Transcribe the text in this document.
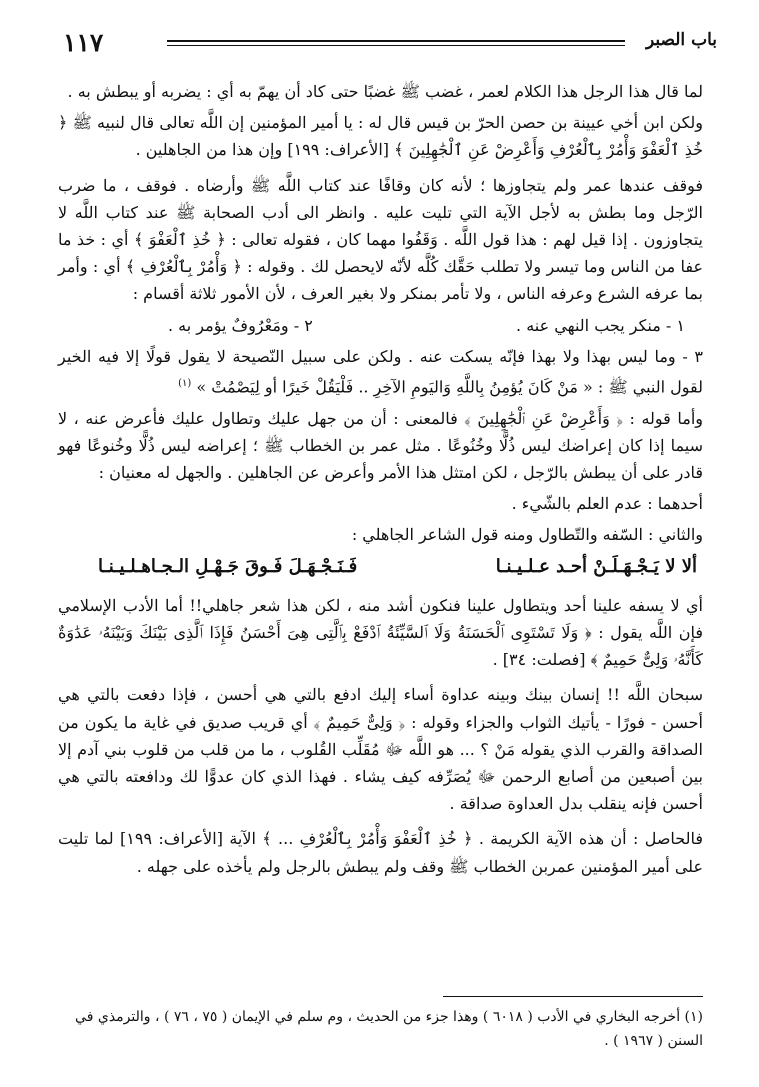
١١٧	باب الصبر

لما قال هذا الرجل هذا الكلام لعمر ، غضب ﷺ غضبًا حتى كاد أن يهمّ به أي : يضربه أو يبطش به .

ولكن ابن أخي عيينة بن حصن الحرّ بن قيس قال له : يا أمير المؤمنين إن اللَّه تعالى قال لنبيه ﷺ ﴿ خُذِ ٱلْعَفْوَ وَأْمُرْ بِٱلْعُرْفِ وَأَعْرِضْ عَنِ ٱلْجَٰهِلِينَ ﴾ [الأعراف: ١٩٩] وإن هذا من الجاهلين .

فوقف عندها عمر ولم يتجاوزها ؛ لأنه كان وقافًا عند كتاب اللَّه ﷺ وأرضاه . فوقف ، ما ضرب الرّجل وما بطش به لأجل الآية التي تليت عليه . وانظر الى أدب الصحابة ﷺ عند كتاب اللَّه لا يتجاوزون . إذا قيل لهم : هذا قول اللَّه . وَقَفُوا مهما كان ، فقوله تعالى : ﴿ خُذِ ٱلْعَفْوَ ﴾ أي : خذ ما عفا من الناس وما تيسر ولا تطلب حَقَّك كُلَّه لأنّه لايحصل لك . وقوله : ﴿ وَأْمُرْ بِٱلْعُرْفِ ﴾ أي : وأمر بما عرفه الشرع وعرفه الناس ، ولا تأمر بمنكر ولا بغير العرف ، لأن الأمور ثلاثة أقسام :

١ - منكر يجب النهي عنه .
٢ - ومَعْرُوفٌ يؤمر به .

٣ - وما ليس بهذا ولا بهذا فإنّه يسكت عنه . ولكن على سبيل النّصيحة لا يقول قولًا إلا فيه الخير لقول النبي ﷺ : « مَنْ كَانَ يُؤمِنُ بِاللَّهِ وَاليَومِ الآخِرِ .. فَلْيَقُلْ خَيرًا أو لِيَصْمُتْ » $^{(١)}$

وأما قوله : ﴿ وَأَعْرِضْ عَنِ ٱلْجَٰهِلِينَ ﴾ فالمعنى : أن من جهل عليك وتطاول عليك فأعرض عنه ، لا سيما إذا كان إعراضك ليس ذُلًّا وخُنُوعًا . مثل عمر بن الخطاب ﷺ ؛ إعراضه ليس ذُلًّا وخُنوعًا فهو قادر على أن يبطش بالرّجل ، لكن امتثل هذا الأمر وأعرض عن الجاهلين . والجهل له معنيان :

أحدهما : عدم العلم بالشّيء .

والثاني : السّفه والتّطاول ومنه قول الشاعر الجاهلي :

ألا لا يَـجْـهَـلَـنْ أحـد عـلـيـنـا
فَـنَـجْـهَـلَ فَـوقَ جَـهْـلِ الـجـاهـلـيـنـا

أي لا يسفه علينا أحد ويتطاول علينا فنكون أشد منه ، لكن هذا شعر جاهلي!! أما الأدب الإسلامي فإن اللَّه يقول : ﴿ وَلَا تَسْتَوِى ٱلْحَسَنَةُ وَلَا ٱلسَّيِّئَةُ ٱدْفَعْ بِٱلَّتِى هِىَ أَحْسَنُ فَإِذَا ٱلَّذِى بَيْنَكَ وَبَيْنَهُۥ عَدَٰوَةٌ كَأَنَّهُۥ وَلِىٌّ حَمِيمٌ ﴾ [فصلت: ٣٤] .

سبحان اللَّه !! إنسان بينك وبينه عداوة أساء إليك ادفع بالتي هي أحسن ، فإذا دفعت بالتي هي أحسن - فورًا - يأتيك الثواب والجزاء وقوله : ﴿ وَلِىٌّ حَمِيمٌ ﴾ أي قريب صديق في غاية ما يكون من الصداقة والقرب الذي يقوله مَنْ ؟ ... هو اللَّه ﷻ مُقَلِّب القُلوب ، ما من قلب من قلوب بني آدم إلا بين أصبعين من أصابع الرحمن ﷻ يُصَرِّفه كيف يشاء . فهذا الذي كان عدوًّا لك ودافعته بالتي هي أحسن فإنه ينقلب بدل العداوة صداقة .

فالحاصل : أن هذه الآية الكريمة . ﴿ خُذِ ٱلْعَفْوَ وَأْمُرْ بِٱلْعُرْفِ ... ﴾ الآية [الأعراف: ١٩٩] لما تليت على أمير المؤمنين عمربن الخطاب ﷺ وقف ولم يبطش بالرجل ولم يأخذه على جهله .

(١) أخرجه البخاري في الأدب ( ٦٠١٨ ) وهذا جزء من الحديث ، وم سلم في الإيمان ( ٧٥ ، ٧٦ ) ، والترمذي في السنن ( ١٩٦٧ ) .
